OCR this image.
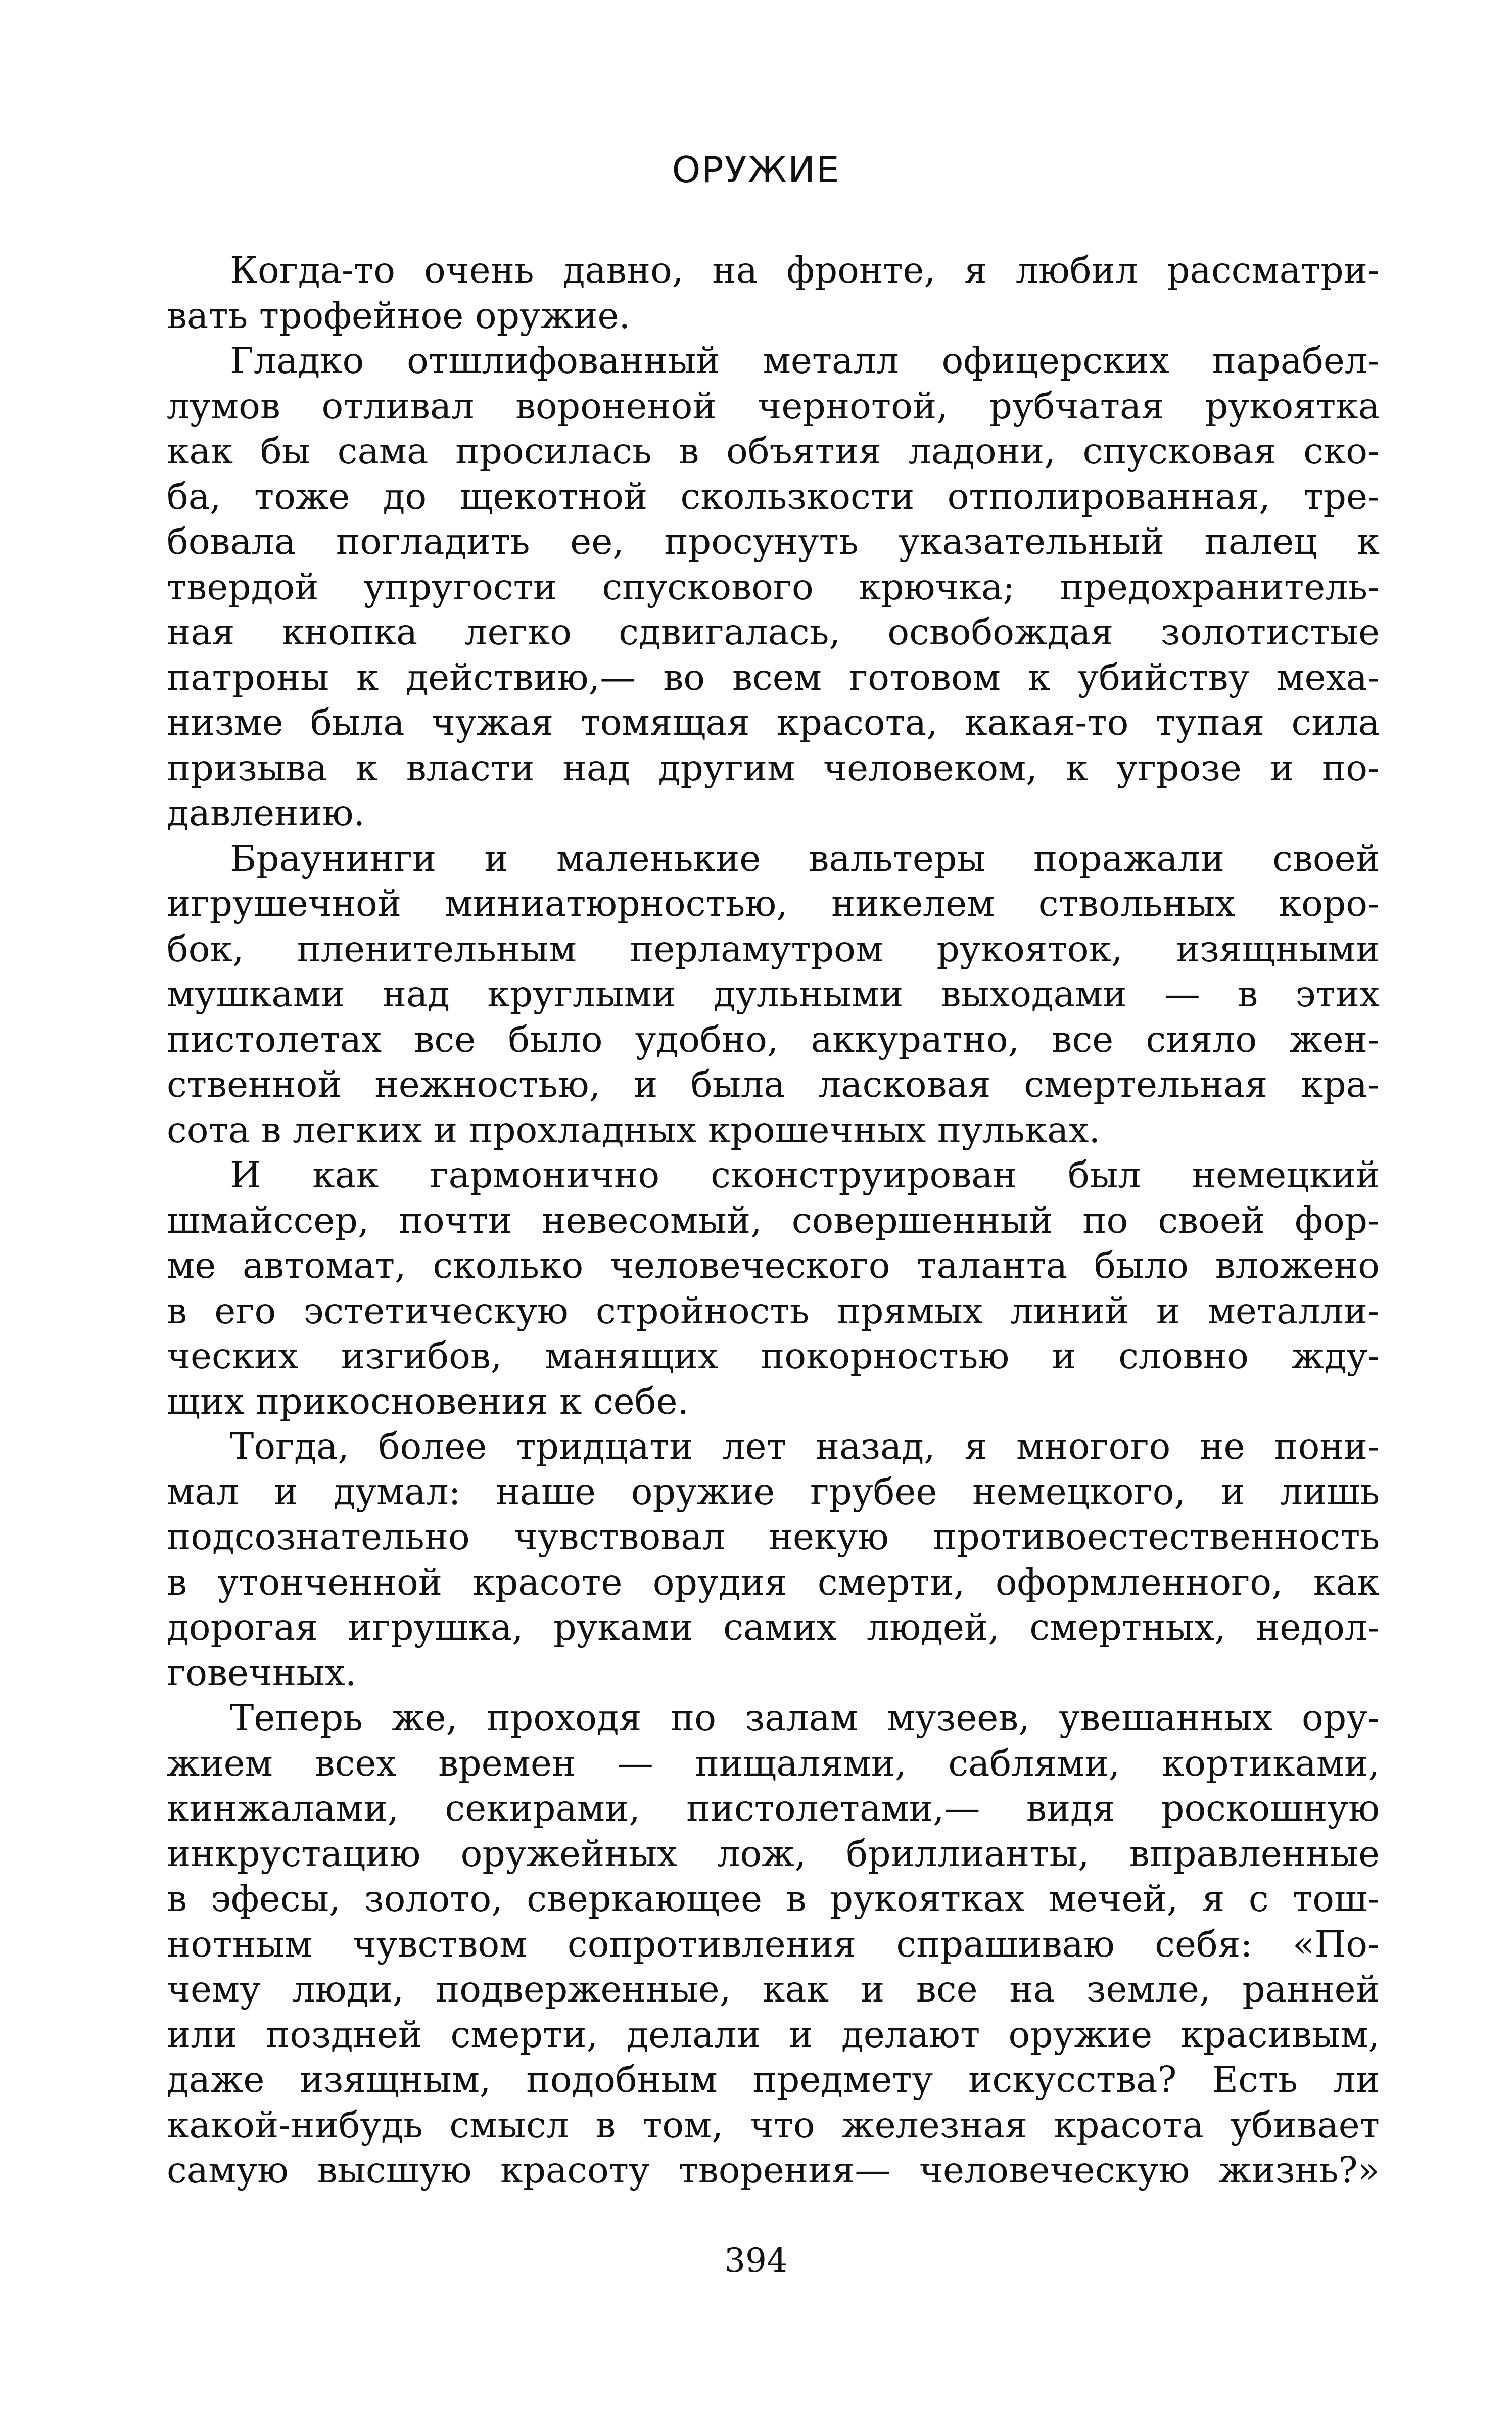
ОРУЖИЕ
Когда-то очень давно, на фронте, я любил рассматри-
вать трофейное оружие.
Гладко отшлифованный металл офицерских парабел-
лумов отливал вороненой чернотой, рубчатая рукоятка
как бы сама просилась в объятия ладони, спусковая ско-
ба, тоже до щекотной скользкости отполированная, тре-
бовала погладить ее, просунуть указательный палец к
твердой упругости спускового крючка; предохранитель-
ная кнопка легко сдвигалась, освобождая золотистые
патроны к действию,— во всем готовом к убийству меха-
низме была чужая томящая красота, какая-то тупая сила
призыва к власти над другим человеком, к угрозе и по-
давлению.
Браунинги и маленькие вальтеры поражали своей
игрушечной миниатюрностью, никелем ствольных коро-
бок, пленительным перламутром рукояток, изящными
мушками над круглыми дульными выходами — в этих
пистолетах все было удобно, аккуратно, все сияло жен-
ственной нежностью, и была ласковая смертельная кра-
сота в легких и прохладных крошечных пульках.
И как гармонично сконструирован был немецкий
шмайссер, почти невесомый, совершенный по своей фор-
ме автомат, сколько человеческого таланта было вложено
в его эстетическую стройность прямых линий и металли-
ческих изгибов, манящих покорностью и словно жду-
щих прикосновения к себе.
Тогда, более тридцати лет назад, я многого не пони-
мал и думал: наше оружие грубее немецкого, и лишь
подсознательно чувствовал некую противоестественность
в утонченной красоте орудия смерти, оформленного, как
дорогая игрушка, руками самих людей, смертных, недол-
говечных.
Теперь же, проходя по залам музеев, увешанных ору-
жием всех времен — пищалями, саблями, кортиками,
кинжалами, секирами, пистолетами,— видя роскошную
инкрустацию оружейных лож, бриллианты, вправленные
в эфесы, золото, сверкающее в рукоятках мечей, я с тош-
нотным чувством сопротивления спрашиваю себя: «По-
чему люди, подверженные, как и все на земле, ранней
или поздней смерти, делали и делают оружие красивым,
даже изящным, подобным предмету искусства? Есть ли
какой-нибудь смысл в том, что железная красота убивает
самую высшую красоту творения— человеческую жизнь?»
394
